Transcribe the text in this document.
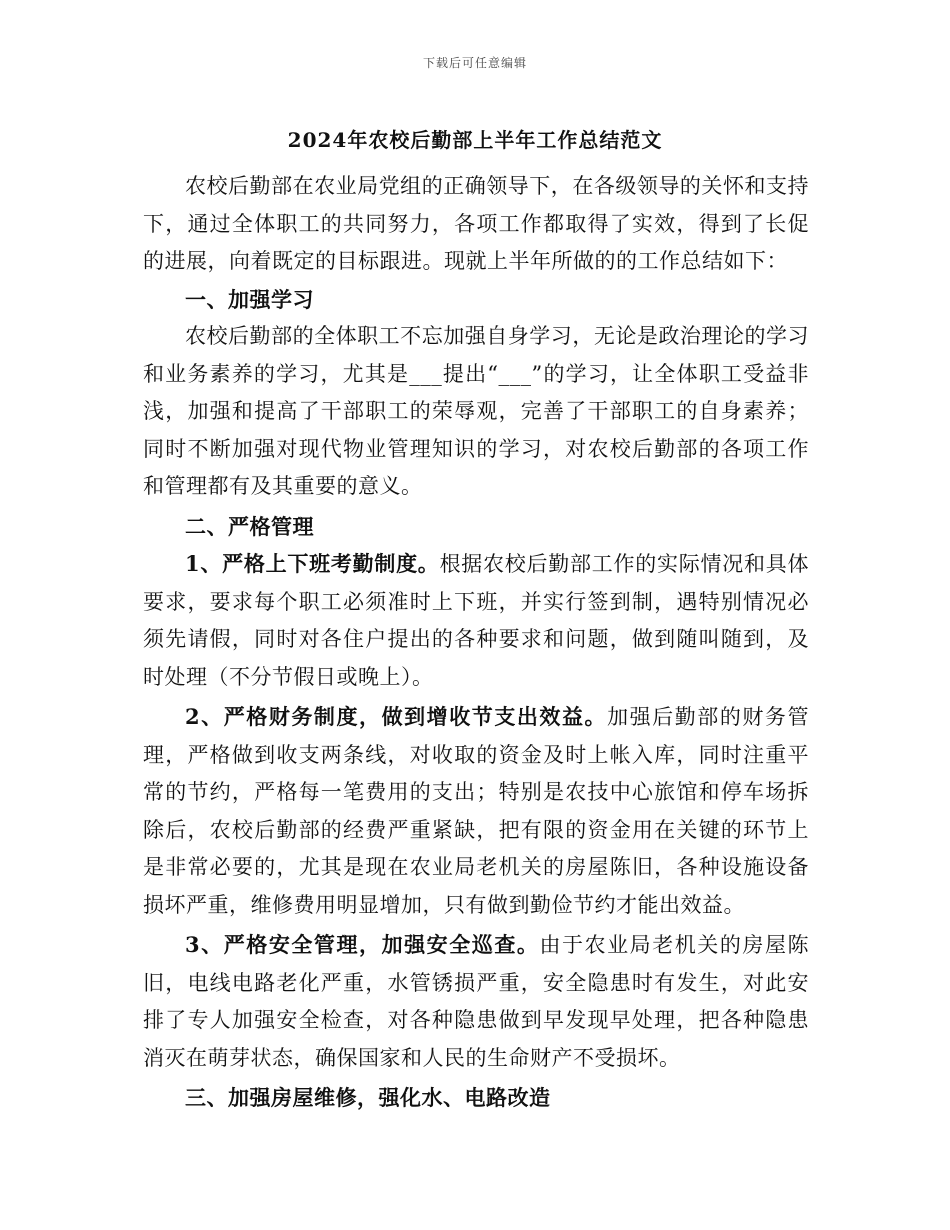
下载后可任意编辑
2024年农校后勤部上半年工作总结范文

农校后勤部在农业局党组的正确领导下，在各级领导的关怀和支持下，通过全体职工的共同努力，各项工作都取得了实效，得到了长促的进展，向着既定的目标跟进。现就上半年所做的的工作总结如下：

一、加强学习

农校后勤部的全体职工不忘加强自身学习，无论是政治理论的学习和业务素养的学习，尤其是___提出“___”的学习，让全体职工受益非浅，加强和提高了干部职工的荣辱观，完善了干部职工的自身素养；同时不断加强对现代物业管理知识的学习，对农校后勤部的各项工作和管理都有及其重要的意义。

二、严格管理

1、严格上下班考勤制度。根据农校后勤部工作的实际情况和具体要求，要求每个职工必须准时上下班，并实行签到制，遇特别情况必须先请假，同时对各住户提出的各种要求和问题，做到随叫随到，及时处理（不分节假日或晚上）。

2、严格财务制度，做到增收节支出效益。加强后勤部的财务管理，严格做到收支两条线，对收取的资金及时上帐入库，同时注重平常的节约，严格每一笔费用的支出；特别是农技中心旅馆和停车场拆除后，农校后勤部的经费严重紧缺，把有限的资金用在关键的环节上是非常必要的，尤其是现在农业局老机关的房屋陈旧，各种设施设备损坏严重，维修费用明显增加，只有做到勤俭节约才能出效益。

3、严格安全管理，加强安全巡查。由于农业局老机关的房屋陈旧，电线电路老化严重，水管锈损严重，安全隐患时有发生，对此安排了专人加强安全检查，对各种隐患做到早发现早处理，把各种隐患消灭在萌芽状态，确保国家和人民的生命财产不受损坏。

三、加强房屋维修，强化水、电路改造
